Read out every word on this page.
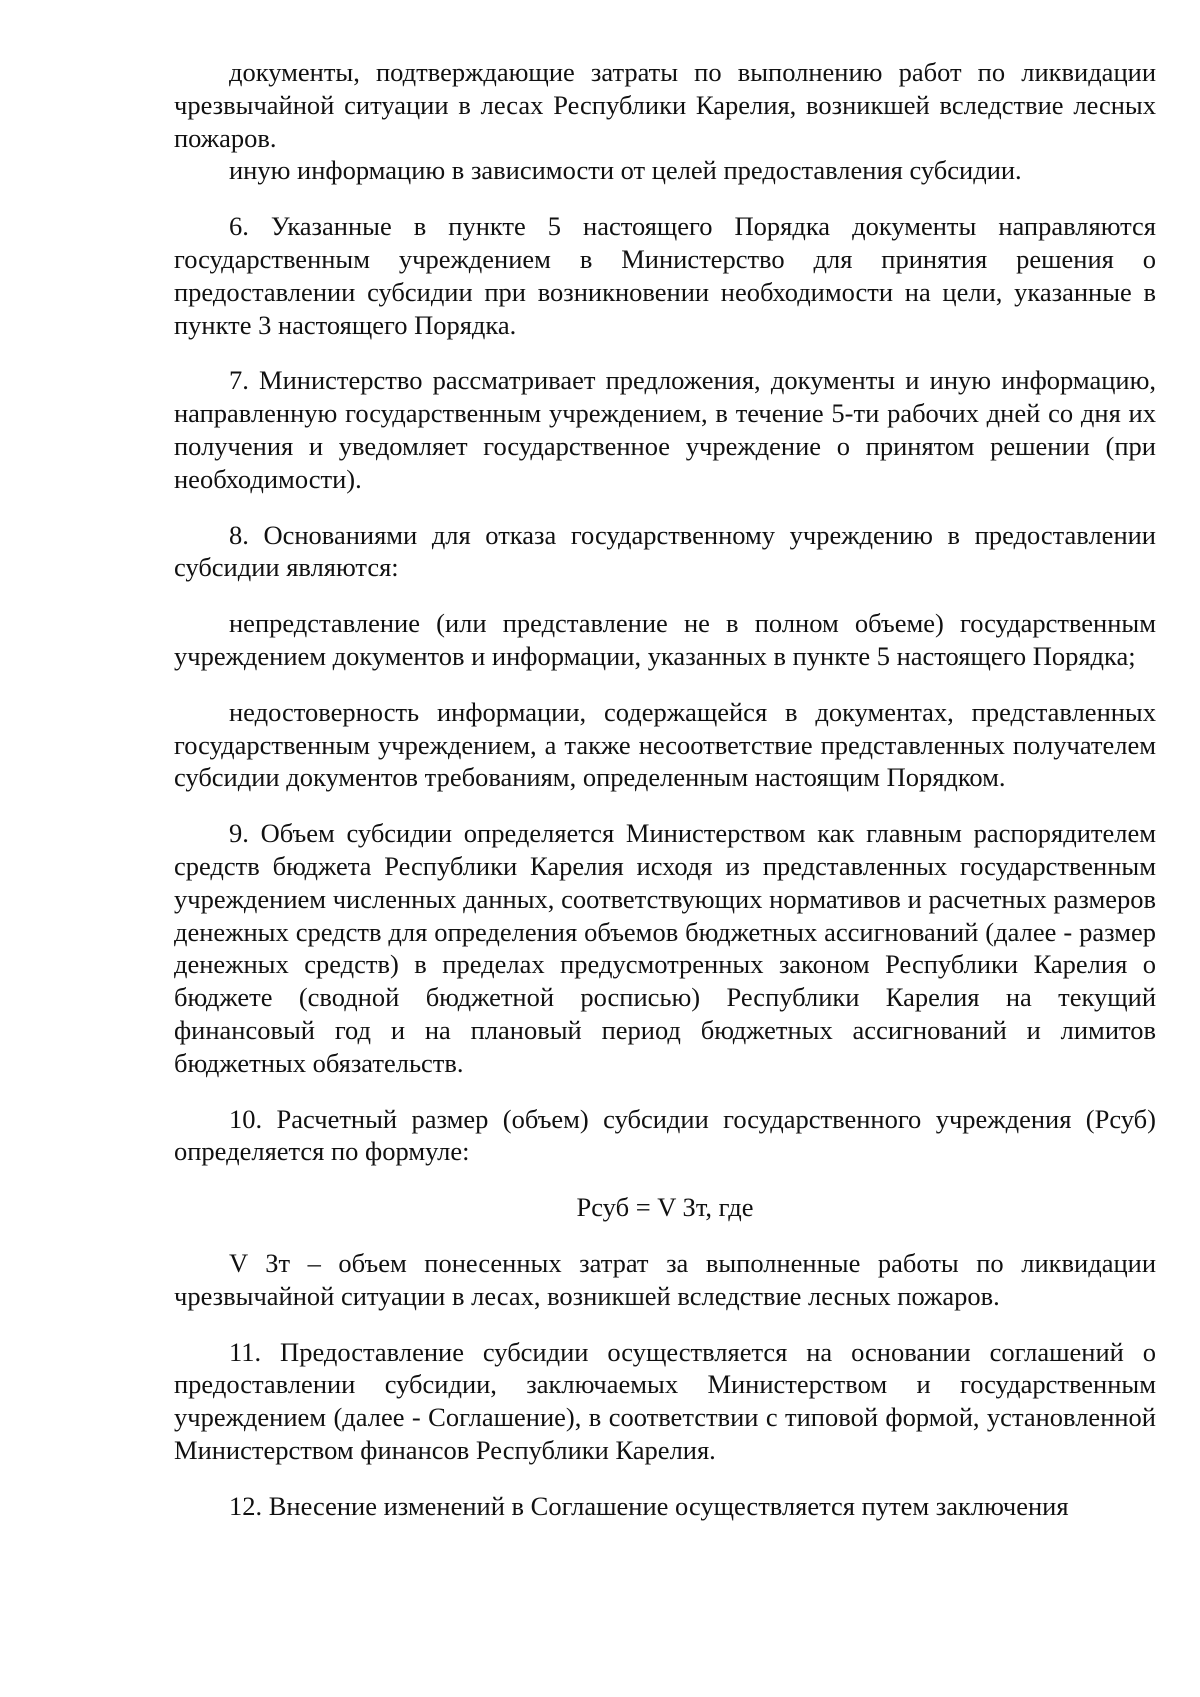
документы, подтверждающие затраты по выполнению работ по ликвидации чрезвычайной ситуации в лесах Республики Карелия, возникшей вследствие лесных пожаров.

иную информацию в зависимости от целей предоставления субсидии.

6. Указанные в пункте 5 настоящего Порядка документы направляются государственным учреждением в Министерство для принятия решения о предоставлении субсидии при возникновении необходимости на цели, указанные в пункте 3 настоящего Порядка.

7. Министерство рассматривает предложения, документы и иную информацию, направленную государственным учреждением, в течение 5-ти рабочих дней со дня их получения и уведомляет государственное учреждение о принятом решении (при необходимости).

8. Основаниями для отказа государственному учреждению в предоставлении субсидии являются:

непредставление (или представление не в полном объеме) государственным учреждением документов и информации, указанных в пункте 5 настоящего Порядка;

недостоверность информации, содержащейся в документах, представленных государственным учреждением, а также несоответствие представленных получателем субсидии документов требованиям, определенным настоящим Порядком.

9. Объем субсидии определяется Министерством как главным распорядителем средств бюджета Республики Карелия исходя из представленных государственным учреждением численных данных, соответствующих нормативов и расчетных размеров денежных средств для определения объемов бюджетных ассигнований (далее - размер денежных средств) в пределах предусмотренных законом Республики Карелия о бюджете (сводной бюджетной росписью) Республики Карелия на текущий финансовый год и на плановый период бюджетных ассигнований и лимитов бюджетных обязательств.

10. Расчетный размер (объем) субсидии государственного учреждения (Рсуб) определяется по формуле:

Рсуб = V Зт, где

V Зт – объем понесенных затрат за выполненные работы по ликвидации чрезвычайной ситуации в лесах, возникшей вследствие лесных пожаров.

11. Предоставление субсидии осуществляется на основании соглашений о предоставлении субсидии, заключаемых Министерством и государственным учреждением (далее - Соглашение), в соответствии с типовой формой, установленной Министерством финансов Республики Карелия.

12. Внесение изменений в Соглашение осуществляется путем заключения
